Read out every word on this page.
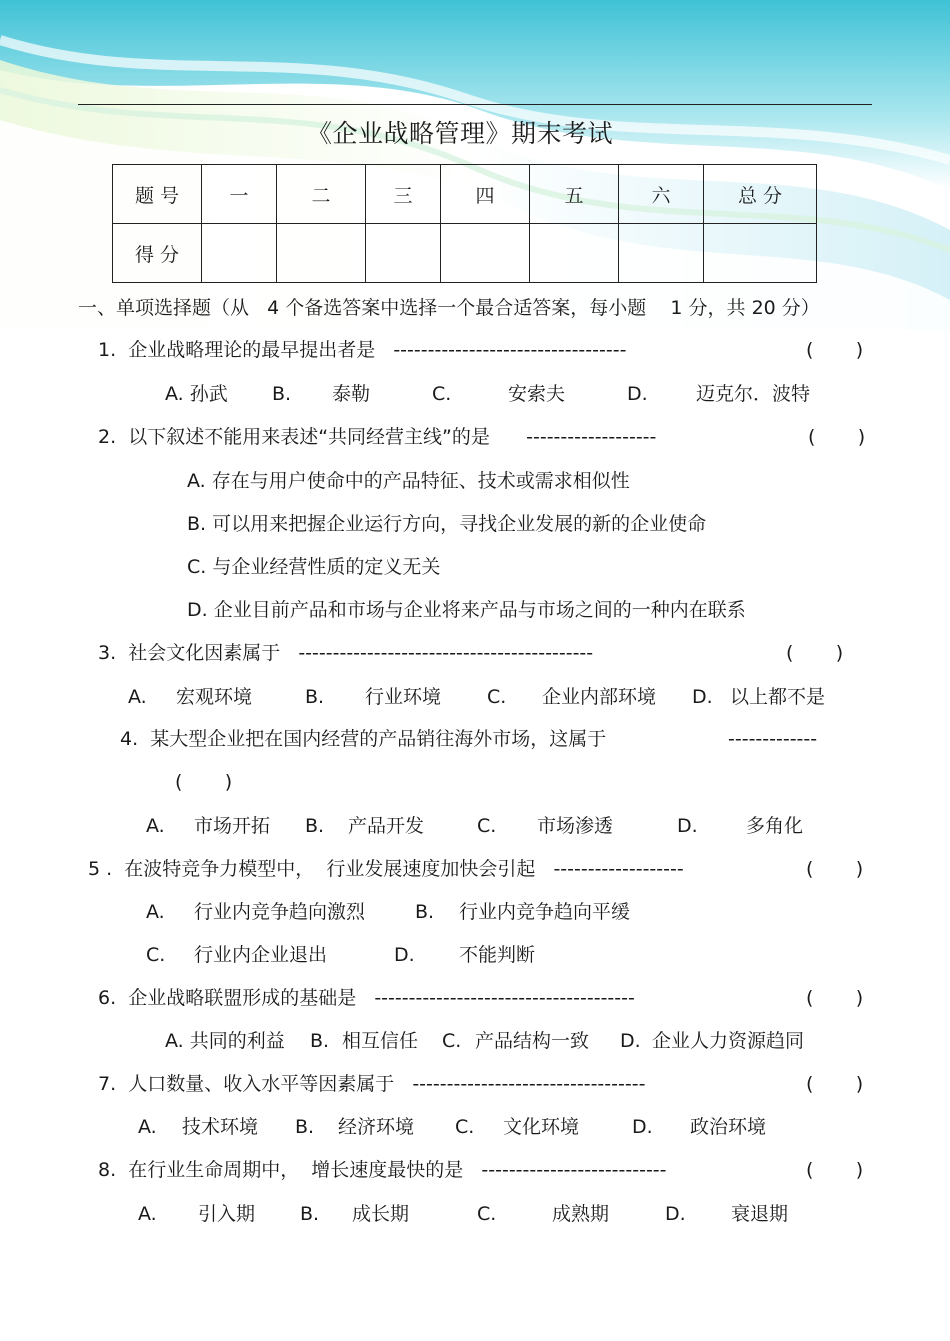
《企业战略管理》期末考试
题 号	一	二	三	四	五	六	总 分
得 分							
一、单项选择题（从   4 个备选答案中选择一个最合适答案，每小题    1 分，共 20 分）
1.  企业战略理论的最早提出者是   ----------------------------------	(       )
A. 孙武 B. 泰勒	C.	安索夫	D.	迈克尔．波特
2.  以下叙述不能用来表述“共同经营主线”的是      -------------------	(       )
A. 存在与用户使命中的产品特征、技术或需求相似性
B. 可以用来把握企业运行方向，寻找企业发展的新的企业使命
C. 与企业经营性质的定义无关
D. 企业目前产品和市场与企业将来产品与市场之间的一种内在联系
3.  社会文化因素属于   -------------------------------------------	(       )
A. 宏观环境	B. 行业环境 C. 企业内部环境 D. 以上都不是
4.  某大型企业把在国内经营的产品销往海外市场，这属于	-------------
(       )
A. 市场开拓 B. 产品开发	C. 市场渗透	D.	多角化
5 .  在波特竞争力模型中，  行业发展速度加快会引起   -------------------	(       )
A. 行业内竞争趋向激烈	B. 行业内竞争趋向平缓
C. 行业内企业退出	D. 不能判断
6.  企业战略联盟形成的基础是   --------------------------------------	(       )
A. 共同的利益 B. 相互信任 C. 产品结构一致 D. 企业人力资源趋同
7.  人口数量、收入水平等因素属于   ----------------------------------	(       )
A. 技术环境 B. 经济环境 C. 文化环境	D. 政治环境
8.  在行业生命周期中，  增长速度最快的是   ---------------------------	(       )
A. 引入期 B. 成长期	C.	成熟期	D. 衰退期
